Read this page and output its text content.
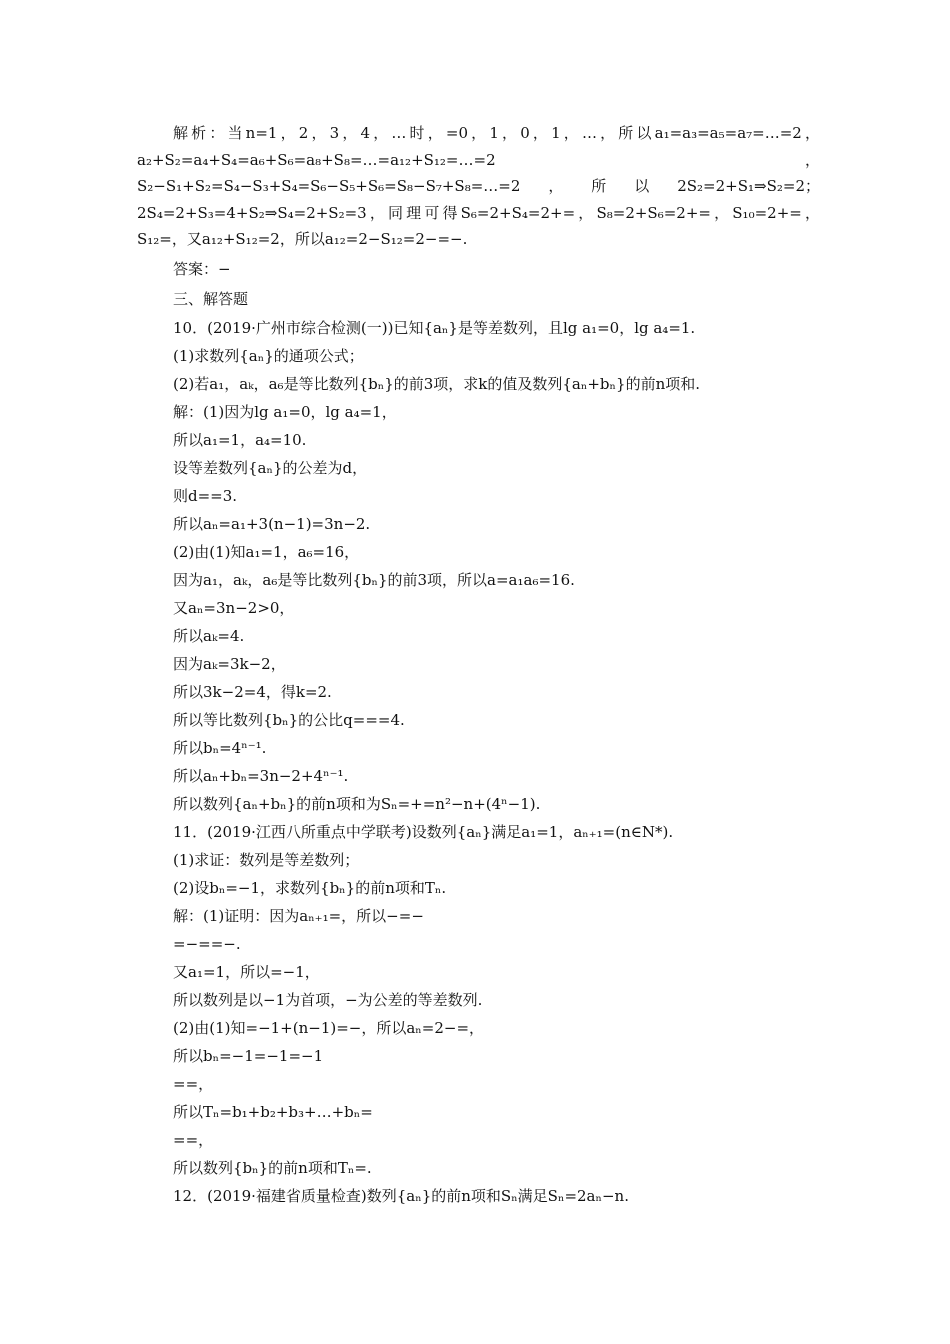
解析：当n=1，2，3，4，…时，=0，1，0，1，…，所以a₁=a₃=a₅=a₇=…=2，a₂+S₂=a₄+S₄=a₆+S₆=a₈+S₈=…=a₁₂+S₁₂=…=2，S₂−S₁+S₂=S₄−S₃+S₄=S₆−S₅+S₆=S₈−S₇+S₈=…=2，所以2S₂=2+S₁⇒S₂=2；2S₄=2+S₃=4+S₂⇒S₄=2+S₂=3，同理可得S₆=2+S₄=2+=，S₈=2+S₆=2+=，S₁₀=2+=，S₁₂=，又a₁₂+S₁₂=2，所以a₁₂=2−S₁₂=2−=−.

答案：−

三、解答题

10．(2019·广州市综合检测(一))已知{aₙ}是等差数列，且lg a₁=0，lg a₄=1.

(1)求数列{aₙ}的通项公式；

(2)若a₁，aₖ，a₆是等比数列{bₙ}的前3项，求k的值及数列{aₙ+bₙ}的前n项和.

解：(1)因为lg a₁=0，lg a₄=1，

所以a₁=1，a₄=10.

设等差数列{aₙ}的公差为d，

则d==3.

所以aₙ=a₁+3(n−1)=3n−2.

(2)由(1)知a₁=1，a₆=16，

因为a₁，aₖ，a₆是等比数列{bₙ}的前3项，所以a=a₁a₆=16.

又aₙ=3n−2>0，

所以aₖ=4.

因为aₖ=3k−2，

所以3k−2=4，得k=2.

所以等比数列{bₙ}的公比q===4.

所以bₙ=4ⁿ⁻¹.

所以aₙ+bₙ=3n−2+4ⁿ⁻¹.

所以数列{aₙ+bₙ}的前n项和为Sₙ=+=n²−n+(4ⁿ−1).

11．(2019·江西八所重点中学联考)设数列{aₙ}满足a₁=1，aₙ₊₁=(n∈N*).

(1)求证：数列是等差数列；

(2)设bₙ=−1，求数列{bₙ}的前n项和Tₙ.

解：(1)证明：因为aₙ₊₁=，所以−=−

=−==−.

又a₁=1，所以=−1，

所以数列是以−1为首项，−为公差的等差数列.

(2)由(1)知=−1+(n−1)=−，所以aₙ=2−=，

所以bₙ=−1=−1=−1

==，

所以Tₙ=b₁+b₂+b₃+…+bₙ=

==，

所以数列{bₙ}的前n项和Tₙ=.

12．(2019·福建省质量检查)数列{aₙ}的前n项和Sₙ满足Sₙ=2aₙ−n.
